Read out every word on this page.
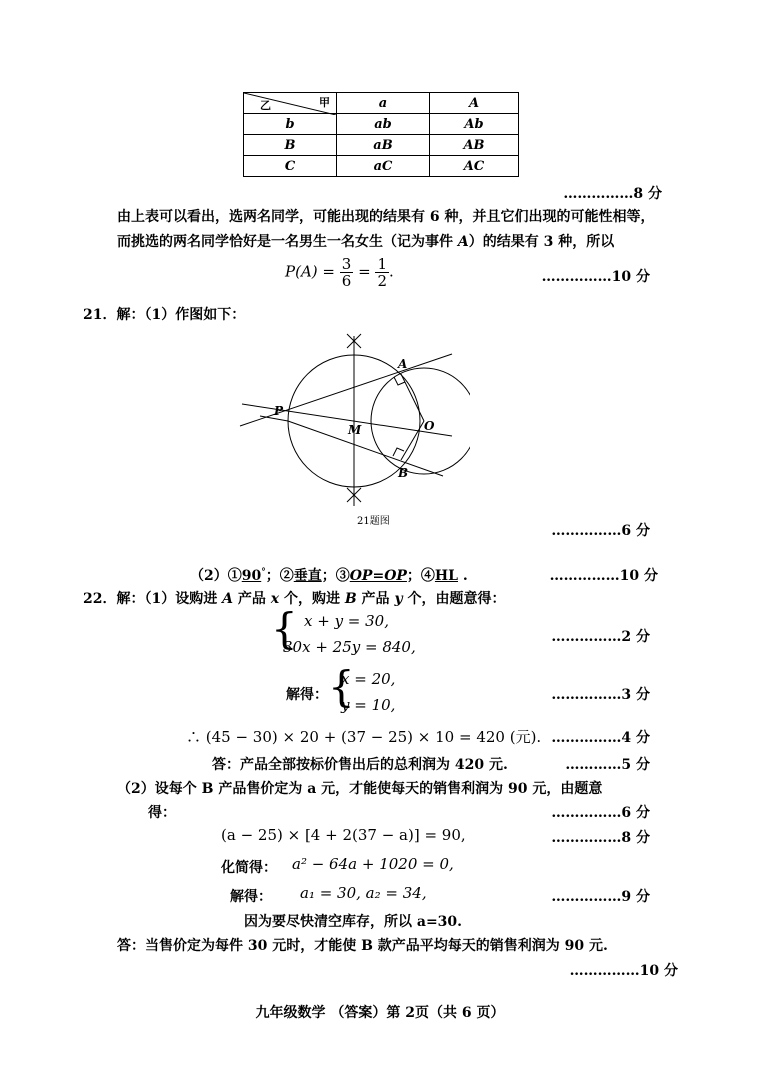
甲
乙	a	A
b	ab	Ab
B	aB	AB
C	aC	AC
……………8 分
由上表可以看出，选两名同学，可能出现的结果有 6 种，并且它们出现的可能性相等，
而挑选的两名同学恰好是一名男生一名女生（记为事件 A）的结果有 3 种，所以
$P(A) = \frac{3}{6} = \frac{1}{2}$ .	……………10 分
21．解：（1）作图如下：
P
A
B
M	O
21题图
……………6 分
（2）①90°；②垂直；③OP=OP；④HL .	……………10 分
22．解：（1）设购进 A 产品 x 个，购进 B 产品 y 个，由题意得：
{ x + y = 30,
30x + 25y = 840,
……………2 分
解得： {
x = 20,
y = 10,
……………3 分
∴ (45 − 30) × 20 + (37 − 25) × 10 = 420 (元). ……………4 分
答：产品全部按标价售出后的总利润为 420 元.	…………5 分
（2）设每个 B 产品售价定为 a 元，才能使每天的销售利润为 90 元，由题意
得：	……………6 分
(a − 25) × [4 + 2(37 − a)] = 90,	……………8 分
化简得： a² − 64a + 1020 = 0,
解得： a₁ = 30, a₂ = 34,	……………9 分
因为要尽快清空库存，所以 a=30.
答：当售价定为每件 30 元时，才能使 B 款产品平均每天的销售利润为 90 元.
……………10 分
九年级数学 （答案）第 2页（共 6 页）
